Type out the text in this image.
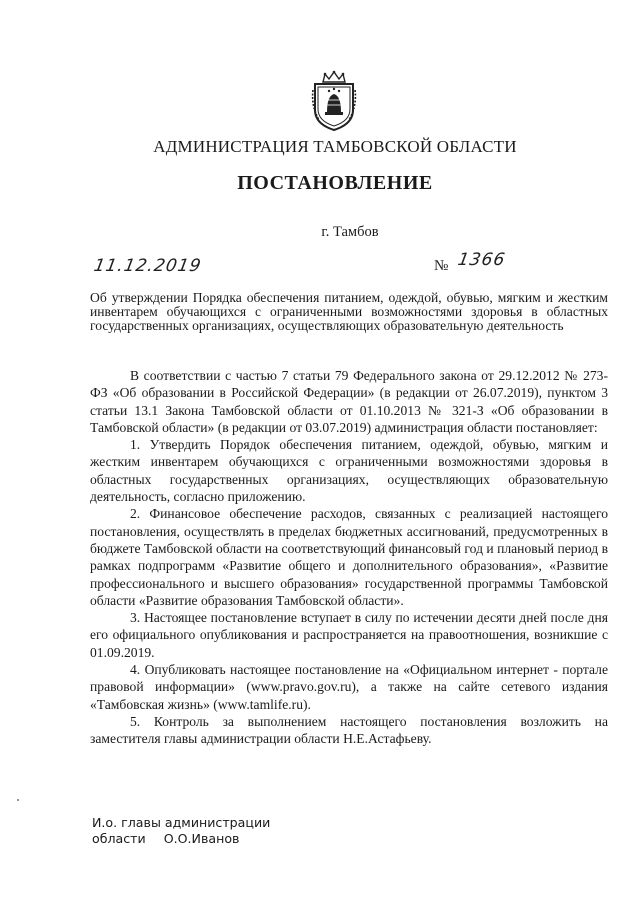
АДМИНИСТРАЦИЯ ТАМБОВСКОЙ ОБЛАСТИ
ПОСТАНОВЛЕНИЕ
г. Тамбов
11.12.2019	№ 1366
Об утверждении Порядка обеспечения питанием, одеждой, обувью, мягким и жестким инвентарем обучающихся с ограниченными возможностями здоровья в областных государственных организациях, осуществляющих образовательную деятельность

В соответствии с частью 7 статьи 79 Федерального закона от 29.12.2012 № 273-ФЗ «Об образовании в Российской Федерации» (в редакции от 26.07.2019), пунктом 3 статьи 13.1 Закона Тамбовской области от 01.10.2013 № 321-З «Об образовании в Тамбовской области» (в редакции от 03.07.2019) администрация области постановляет:

1. Утвердить Порядок обеспечения питанием, одеждой, обувью, мягким и жестким инвентарем обучающихся с ограниченными возможностями здоровья в областных государственных организациях, осуществляющих образовательную деятельность, согласно приложению.

2. Финансовое обеспечение расходов, связанных с реализацией настоящего постановления, осуществлять в пределах бюджетных ассигнований, предусмотренных в бюджете Тамбовской области на соответствующий финансовый год и плановый период в рамках подпрограмм «Развитие общего и дополнительного образования», «Развитие профессионального и высшего образования» государственной программы Тамбовской области «Развитие образования Тамбовской области».

3. Настоящее постановление вступает в силу по истечении десяти дней после дня его официального опубликования и распространяется на правоотношения, возникшие с 01.09.2019.

4. Опубликовать настоящее постановление на «Официальном интернет - портале правовой информации» (www.pravo.gov.ru), а также на сайте сетевого издания «Тамбовская жизнь» (www.tamlife.ru).

5. Контроль за выполнением настоящего постановления возложить на заместителя главы администрации области Н.Е.Астафьеву.

И.о. главы администрации
области О.О.Иванов
